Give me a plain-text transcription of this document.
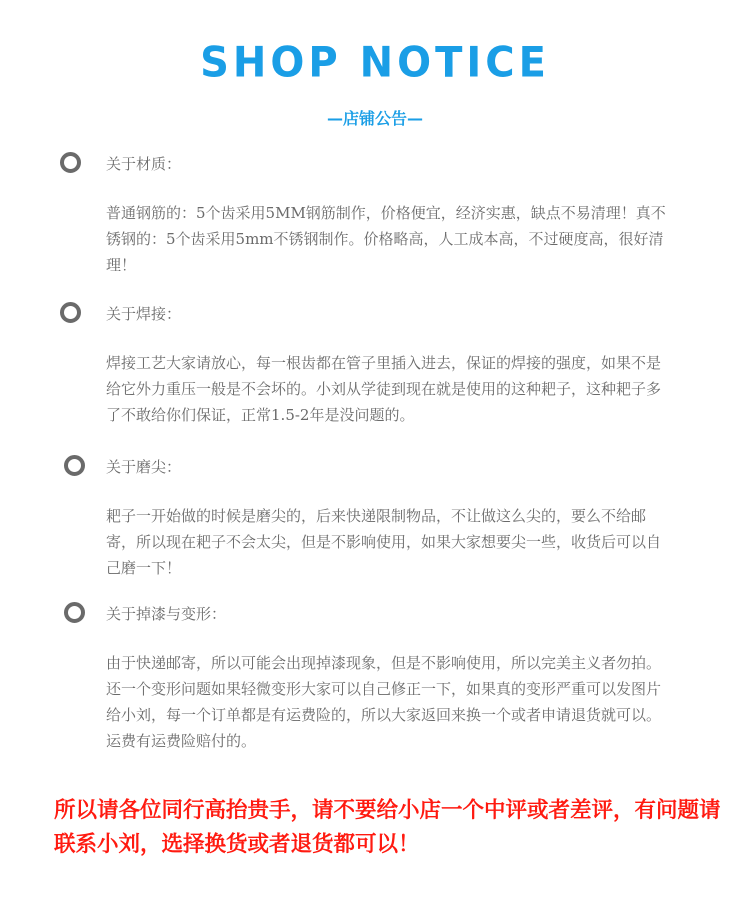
SHOP NOTICE
—店铺公告—
关于材质：
普通钢筋的：5个齿采用5MM钢筋制作，价格便宜，经济实惠，缺点不易清理！真不锈钢的：5个齿采用5mm不锈钢制作。价格略高，人工成本高，不过硬度高，很好清理！
关于焊接：
焊接工艺大家请放心，每一根齿都在管子里插入进去，保证的焊接的强度，如果不是给它外力重压一般是不会坏的。小刘从学徒到现在就是使用的这种耙子，这种耙子多了不敢给你们保证，正常1.5-2年是没问题的。
关于磨尖：
耙子一开始做的时候是磨尖的，后来快递限制物品，不让做这么尖的，要么不给邮寄，所以现在耙子不会太尖，但是不影响使用，如果大家想要尖一些，收货后可以自己磨一下！
关于掉漆与变形：
由于快递邮寄，所以可能会出现掉漆现象，但是不影响使用，所以完美主义者勿拍。还一个变形问题如果轻微变形大家可以自己修正一下，如果真的变形严重可以发图片给小刘，每一个订单都是有运费险的，所以大家返回来换一个或者申请退货就可以。运费有运费险赔付的。
所以请各位同行高抬贵手，请不要给小店一个中评或者差评，有问题请联系小刘，选择换货或者退货都可以！
